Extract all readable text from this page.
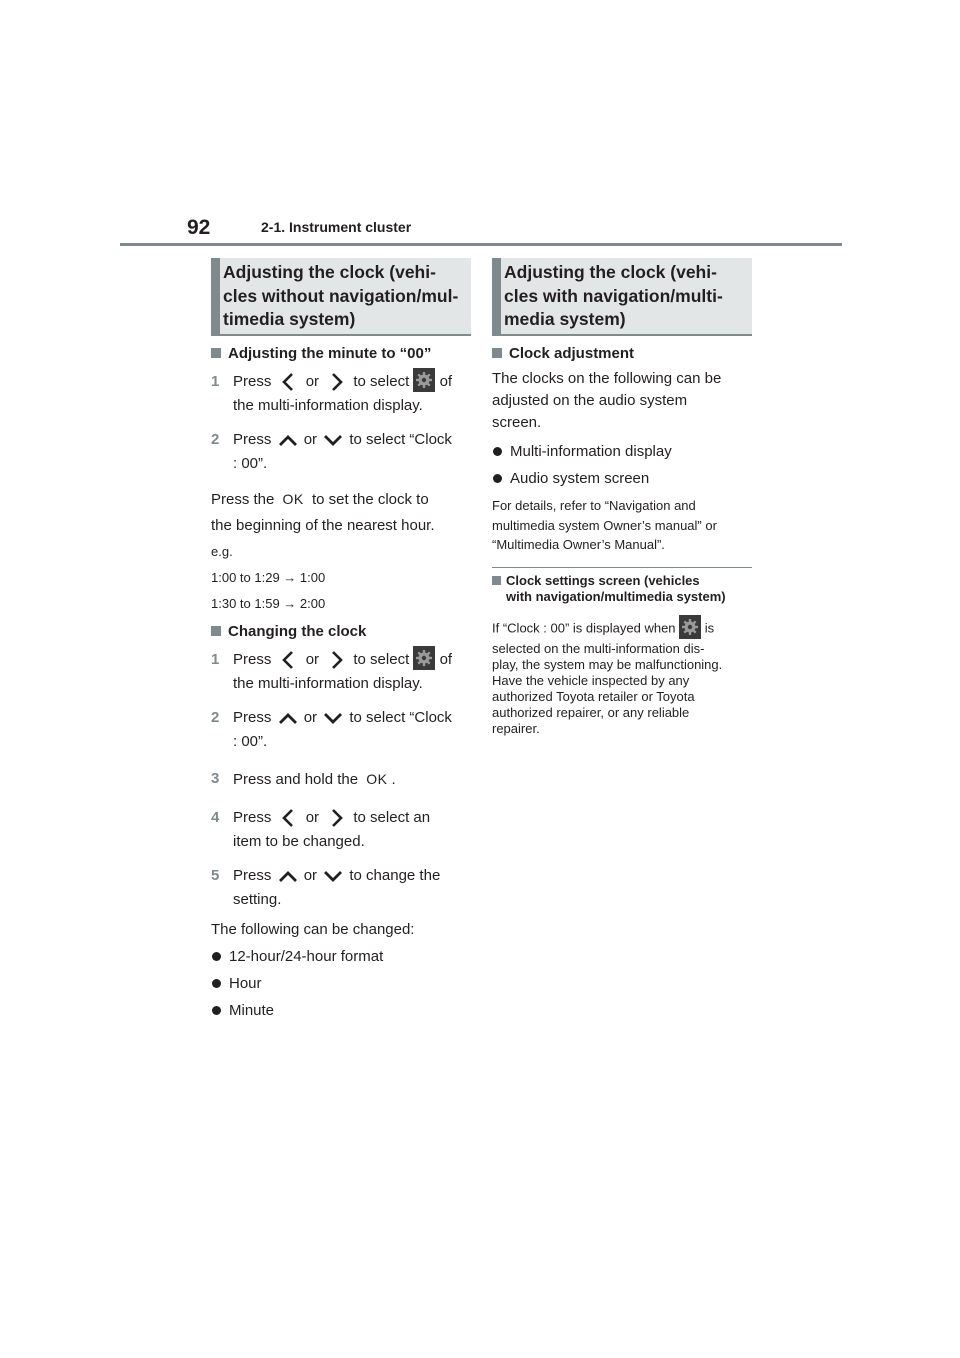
92	2-1. Instrument cluster
Adjusting the clock (vehi-
cles without navigation/mul-
timedia system)
Adjusting the minute to “00”
1 Press or to select of
the multi-information display.
2 Press or to select “Clock
: 00”.
Press the OK to set the clock to
the beginning of the nearest hour.
e.g.
1:00 to 1:29 → 1:00
1:30 to 1:59 → 2:00
Changing the clock
1 Press or to select of
the multi-information display.
2 Press or to select “Clock
: 00”.
3 Press and hold the OK .
4 Press or to select an
item to be changed.
5 Press or to change the
setting.
The following can be changed:
12-hour/24-hour format
Hour
Minute
Adjusting the clock (vehi-
cles with navigation/multi-
media system)
Clock adjustment
The clocks on the following can be
adjusted on the audio system
screen.
Multi-information display
Audio system screen
For details, refer to “Navigation and
multimedia system Owner’s manual” or
“Multimedia Owner’s Manual”.
Clock settings screen (vehicles
with navigation/multimedia system)
If “Clock : 00” is displayed when is
selected on the multi-information dis-
play, the system may be malfunctioning.
Have the vehicle inspected by any
authorized Toyota retailer or Toyota
authorized repairer, or any reliable
repairer.
